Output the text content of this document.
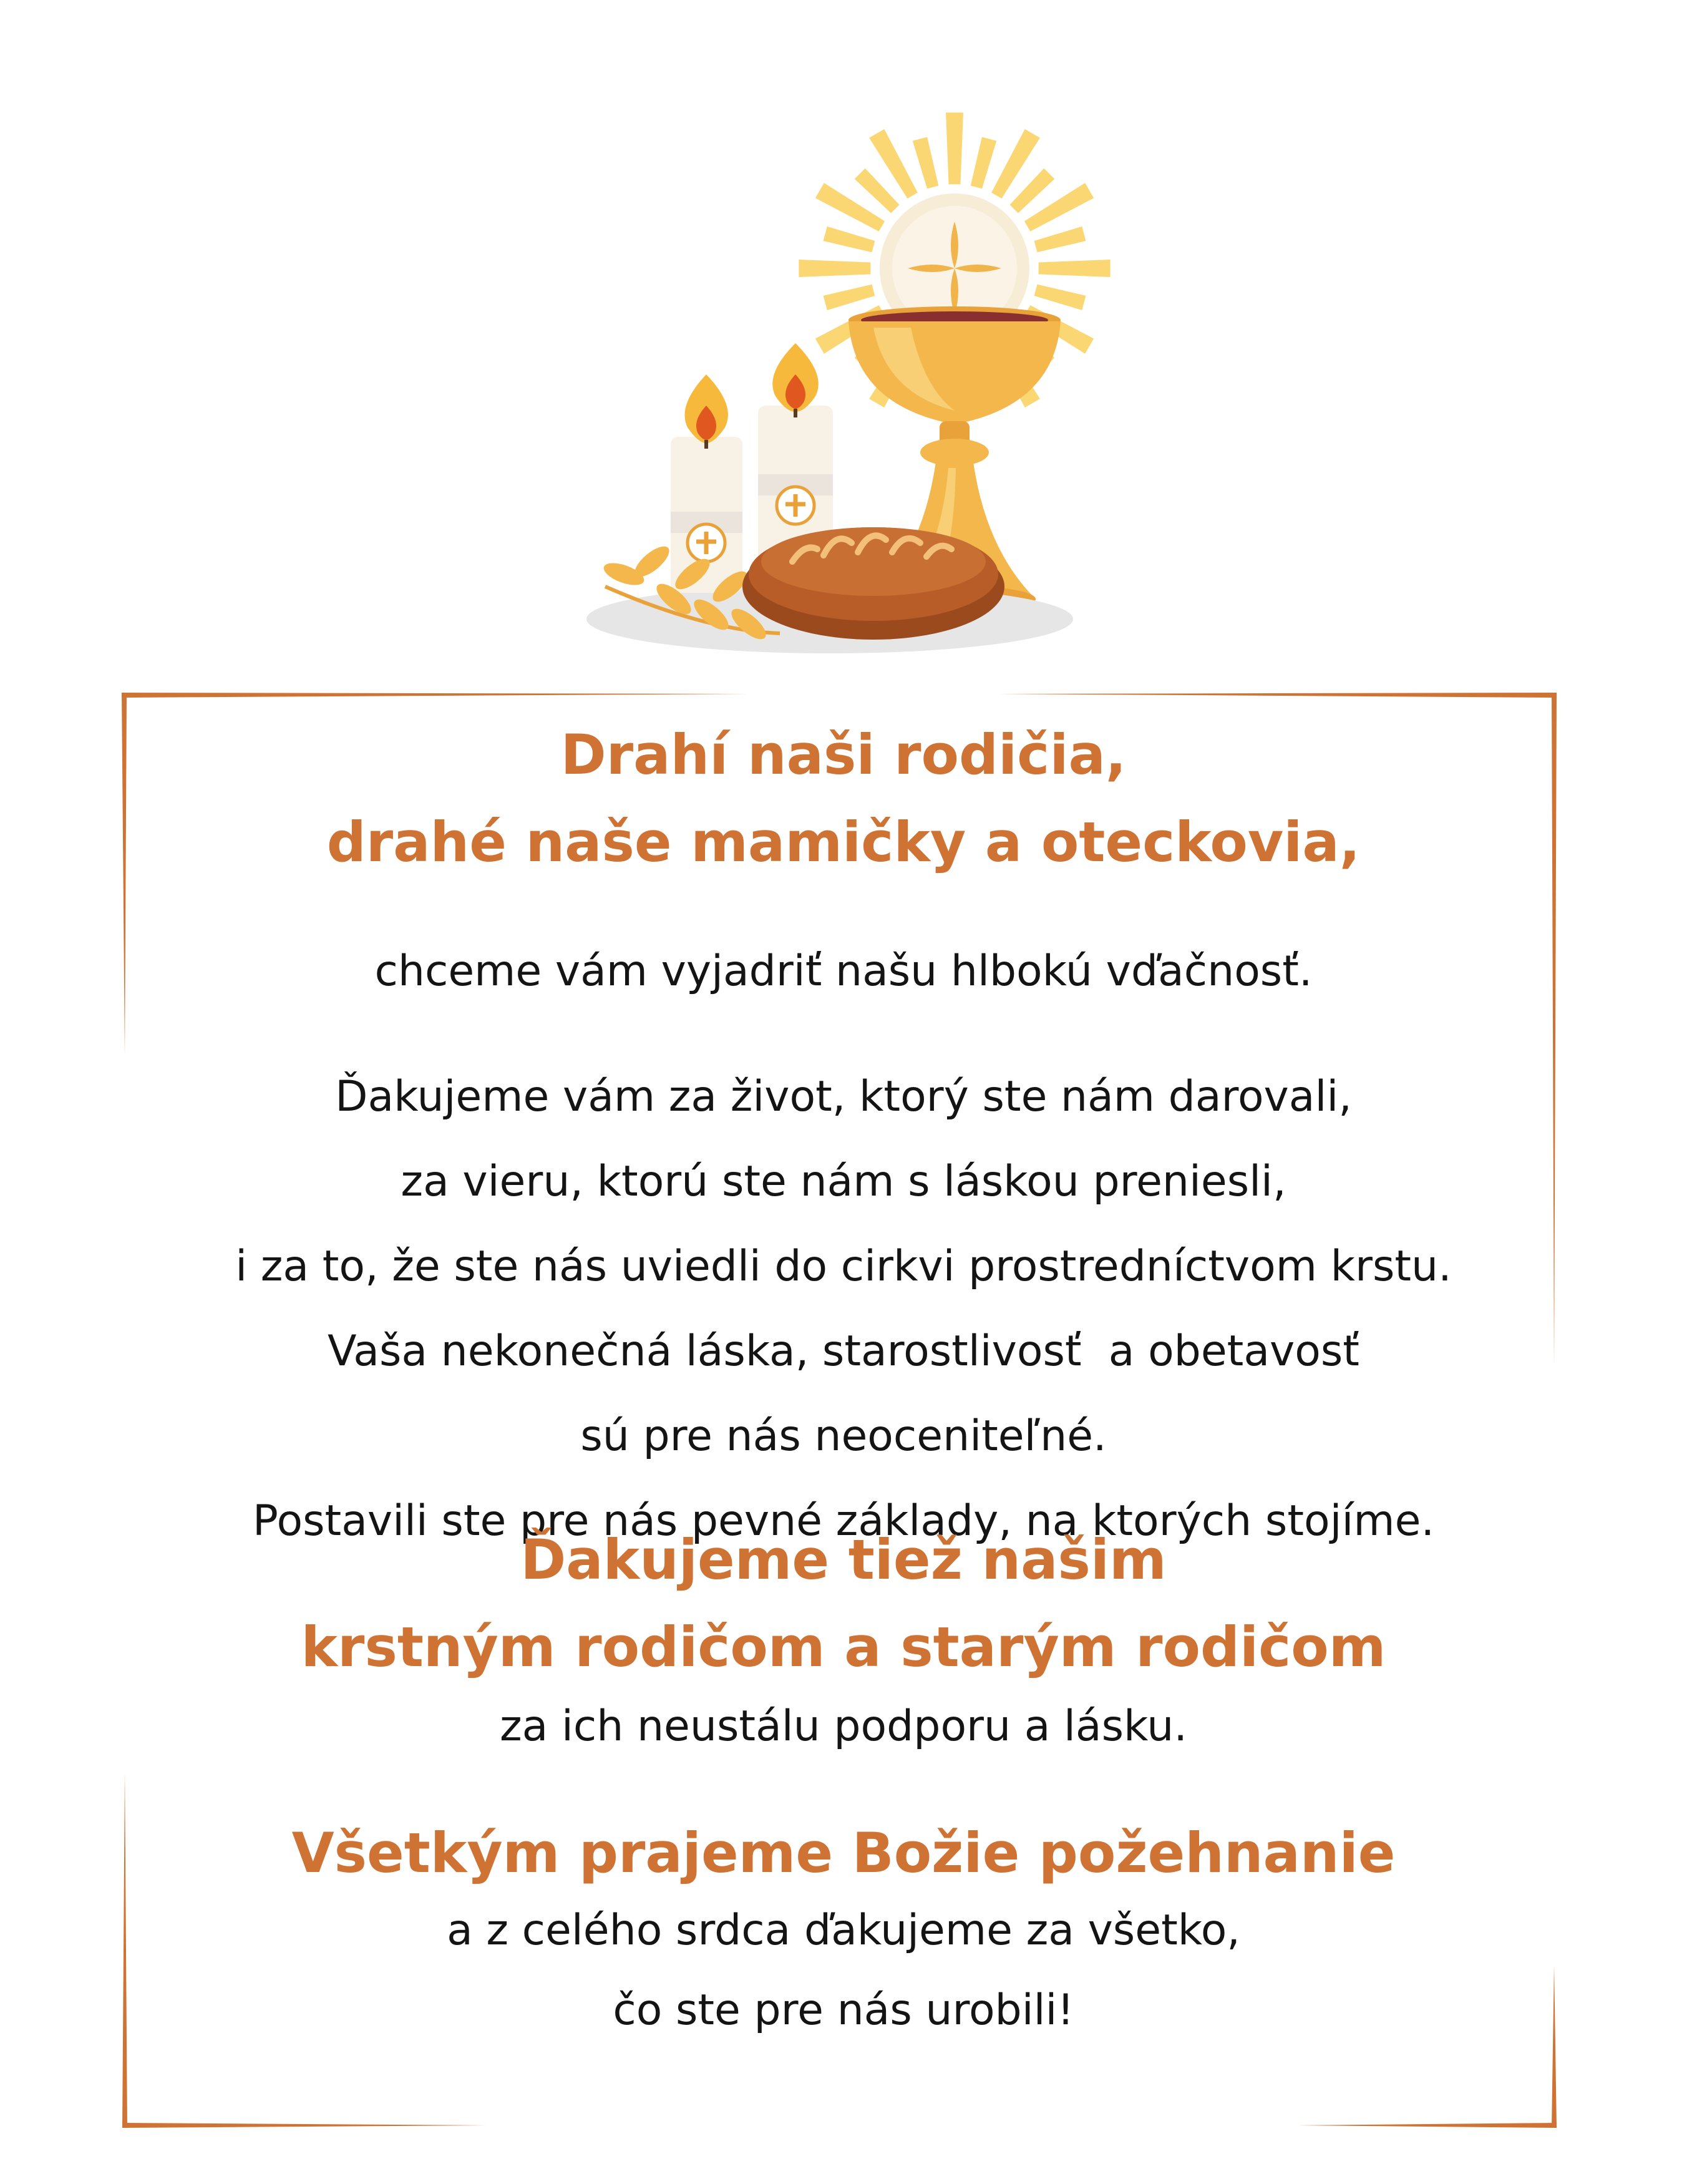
Drahí naši rodičia,
drahé naše mamičky a oteckovia,
chceme vám vyjadriť našu hlbokú vďačnosť.
Ďakujeme vám za život, ktorý ste nám darovali,
za vieru, ktorú ste nám s láskou preniesli,
i za to, že ste nás uviedli do cirkvi prostredníctvom krstu.
Vaša nekonečná láska, starostlivosť  a obetavosť
sú pre nás neoceniteľné.
Postavili ste pre nás pevné základy, na ktorých stojíme.
Ďakujeme tiež našim
krstným rodičom a starým rodičom
za ich neustálu podporu a lásku.
Všetkým prajeme Božie požehnanie
a z celého srdca ďakujeme za všetko,
čo ste pre nás urobili!
